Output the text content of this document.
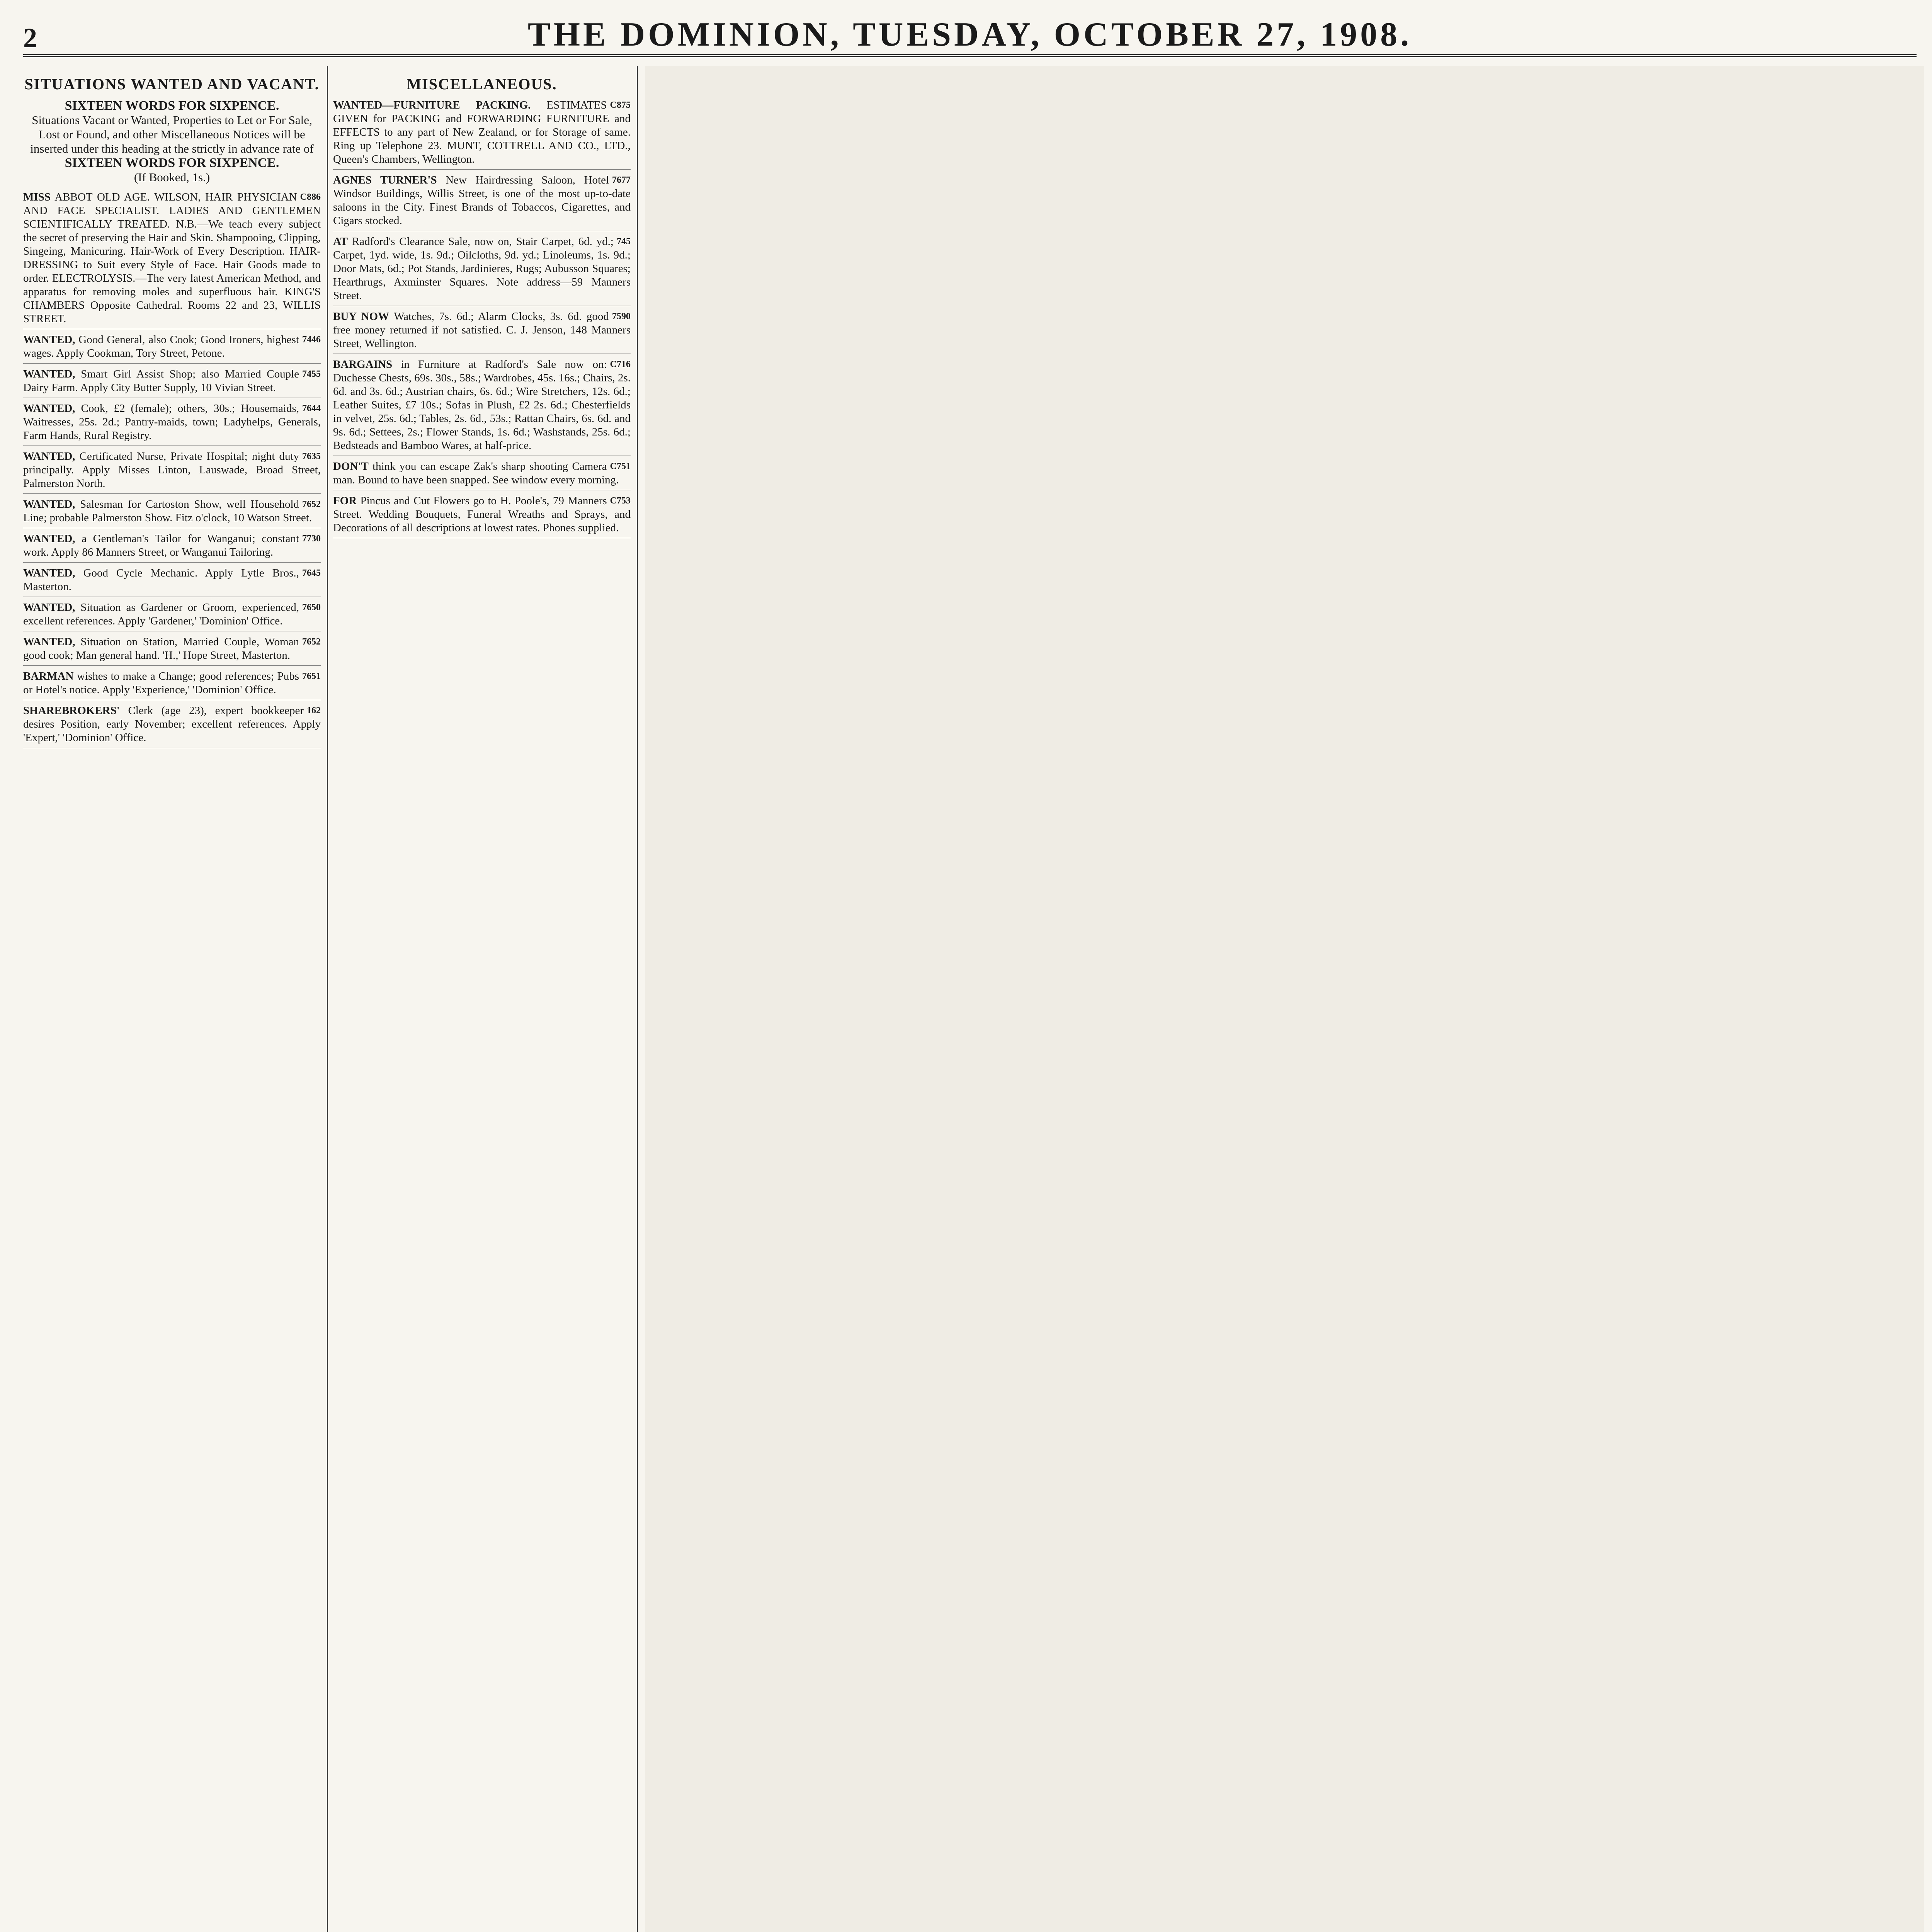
2	THE DOMINION, TUESDAY, OCTOBER 27, 1908.
SITUATIONS WANTED AND VACANT.
SIXTEEN WORDS FOR SIXPENCE.
Situations Vacant or Wanted, Properties to Let or For Sale, Lost or Found, and other Miscellaneous Notices will be inserted under this heading at the strictly in advance rate of
SIXTEEN WORDS FOR SIXPENCE.
(If Booked, 1s.)
C886
MISS ABBOT OLD AGE. WILSON, HAIR PHYSICIAN AND FACE SPECIALIST. LADIES AND GENTLEMEN SCIENTIFICALLY TREATED. N.B.—We teach every subject the secret of preserving the Hair and Skin. Shampooing, Clipping, Singeing, Manicuring. Hair-Work of Every Description. HAIR-DRESSING to Suit every Style of Face. Hair Goods made to order. ELECTROLYSIS.—The very latest American Method, and apparatus for removing moles and superfluous hair. KING'S CHAMBERS Opposite Cathedral. Rooms 22 and 23, WILLIS STREET.
7446
WANTED, Good General, also Cook; Good Ironers, highest wages. Apply Cookman, Tory Street, Petone.
7455
WANTED, Smart Girl Assist Shop; also Married Couple Dairy Farm. Apply City Butter Supply, 10 Vivian Street.
7644
WANTED, Cook, £2 (female); others, 30s.; Housemaids, Waitresses, 25s. 2d.; Pantry-maids, town; Ladyhelps, Generals, Farm Hands, Rural Registry.
7635
WANTED, Certificated Nurse, Private Hospital; night duty principally. Apply Misses Linton, Lauswade, Broad Street, Palmerston North.
7652
WANTED, Salesman for Cartoston Show, well Household Line; probable Palmerston Show. Fitz o'clock, 10 Watson Street.
7730
WANTED, a Gentleman's Tailor for Wanganui; constant work. Apply 86 Manners Street, or Wanganui Tailoring.
7645
WANTED, Good Cycle Mechanic. Apply Lytle Bros., Masterton.
7650
WANTED, Situation as Gardener or Groom, experienced, excellent references. Apply 'Gardener,' 'Dominion' Office.
7652
WANTED, Situation on Station, Married Couple, Woman good cook; Man general hand. 'H.,' Hope Street, Masterton.
7651
BARMAN wishes to make a Change; good references; Pubs or Hotel's notice. Apply 'Experience,' 'Dominion' Office.
162
SHAREBROKERS' Clerk (age 23), expert bookkeeper desires Position, early November; excellent references. Apply 'Expert,' 'Dominion' Office.
MISCELLANEOUS.
C875
WANTED—FURNITURE PACKING. ESTIMATES GIVEN for PACKING and FORWARDING FURNITURE and EFFECTS to any part of New Zealand, or for Storage of same. Ring up Telephone 23. MUNT, COTTRELL AND CO., LTD., Queen's Chambers, Wellington.
7677
AGNES TURNER'S New Hairdressing Saloon, Hotel Windsor Buildings, Willis Street, is one of the most up-to-date saloons in the City. Finest Brands of Tobaccos, Cigarettes, and Cigars stocked.
745
AT Radford's Clearance Sale, now on, Stair Carpet, 6d. yd.; Carpet, 1yd. wide, 1s. 9d.; Oilcloths, 9d. yd.; Linoleums, 1s. 9d.; Door Mats, 6d.; Pot Stands, Jardinieres, Rugs; Aubusson Squares; Hearthrugs, Axminster Squares. Note address—59 Manners Street.
7590
BUY NOW Watches, 7s. 6d.; Alarm Clocks, 3s. 6d. good free money returned if not satisfied. C. J. Jenson, 148 Manners Street, Wellington.
C716
BARGAINS in Furniture at Radford's Sale now on: Duchesse Chests, 69s. 30s., 58s.; Wardrobes, 45s. 16s.; Chairs, 2s. 6d. and 3s. 6d.; Austrian chairs, 6s. 6d.; Wire Stretchers, 12s. 6d.; Leather Suites, £7 10s.; Sofas in Plush, £2 2s. 6d.; Chesterfields in velvet, 25s. 6d.; Tables, 2s. 6d., 53s.; Rattan Chairs, 6s. 6d. and 9s. 6d.; Settees, 2s.; Flower Stands, 1s. 6d.; Washstands, 25s. 6d.; Bedsteads and Bamboo Wares, at half-price.
C751
DON'T think you can escape Zak's sharp shooting Camera man. Bound to have been snapped. See window every morning.
C753
FOR Pincus and Cut Flowers go to H. Poole's, 79 Manners Street. Wedding Bouquets, Funeral Wreaths and Sprays, and Decorations of all descriptions at lowest rates. Phones supplied.
